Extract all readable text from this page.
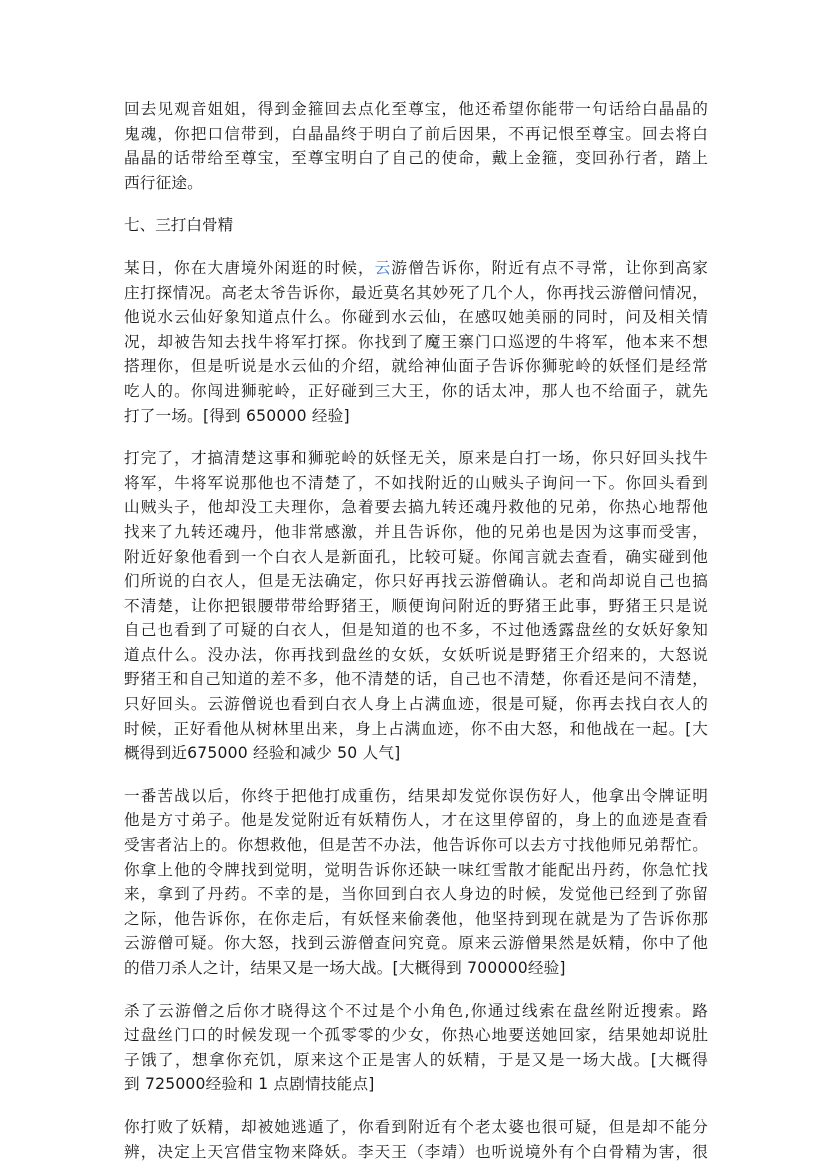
回去见观音姐姐，得到金箍回去点化至尊宝，他还希望你能带一句话给白晶晶的
鬼魂，你把口信带到，白晶晶终于明白了前后因果，不再记恨至尊宝。回去将白
晶晶的话带给至尊宝，至尊宝明白了自己的使命，戴上金箍，变回孙行者，踏上
西行征途。

七、三打白骨精

某日，你在大唐境外闲逛的时候，云游僧告诉你，附近有点不寻常，让你到高家
庄打探情况。高老太爷告诉你，最近莫名其妙死了几个人，你再找云游僧问情况，
他说水云仙好象知道点什么。你碰到水云仙，在感叹她美丽的同时，问及相关情
况，却被告知去找牛将军打探。你找到了魔王寨门口巡逻的牛将军，他本来不想
搭理你，但是听说是水云仙的介绍，就给神仙面子告诉你狮驼岭的妖怪们是经常
吃人的。你闯进狮驼岭，正好碰到三大王，你的话太冲，那人也不给面子，就先
打了一场。[得到 650000 经验]

打完了，才搞清楚这事和狮驼岭的妖怪无关，原来是白打一场，你只好回头找牛
将军，牛将军说那他也不清楚了，不如找附近的山贼头子询问一下。你回头看到
山贼头子，他却没工夫理你，急着要去搞九转还魂丹救他的兄弟，你热心地帮他
找来了九转还魂丹，他非常感激，并且告诉你，他的兄弟也是因为这事而受害，
附近好象他看到一个白衣人是新面孔，比较可疑。你闻言就去查看，确实碰到他
们所说的白衣人，但是无法确定，你只好再找云游僧确认。老和尚却说自己也搞
不清楚，让你把银腰带带给野猪王，顺便询问附近的野猪王此事，野猪王只是说
自己也看到了可疑的白衣人，但是知道的也不多，不过他透露盘丝的女妖好象知
道点什么。没办法，你再找到盘丝的女妖，女妖听说是野猪王介绍来的，大怒说
野猪王和自己知道的差不多，他不清楚的话，自己也不清楚，你看还是问不清楚，
只好回头。云游僧说也看到白衣人身上占满血迹，很是可疑，你再去找白衣人的
时候，正好看他从树林里出来，身上占满血迹，你不由大怒，和他战在一起。[大
概得到近675000 经验和减少 50 人气]

一番苦战以后，你终于把他打成重伤，结果却发觉你误伤好人，他拿出令牌证明
他是方寸弟子。他是发觉附近有妖精伤人，才在这里停留的，身上的血迹是查看
受害者沾上的。你想救他，但是苦不办法，他告诉你可以去方寸找他师兄弟帮忙。
你拿上他的令牌找到觉明，觉明告诉你还缺一味红雪散才能配出丹药，你急忙找
来，拿到了丹药。不幸的是，当你回到白衣人身边的时候，发觉他已经到了弥留
之际，他告诉你，在你走后，有妖怪来偷袭他，他坚持到现在就是为了告诉你那
云游僧可疑。你大怒，找到云游僧查问究竟。原来云游僧果然是妖精，你中了他
的借刀杀人之计，结果又是一场大战。[大概得到 700000经验]

杀了云游僧之后你才晓得这个不过是个小角色,你通过线索在盘丝附近搜索。路
过盘丝门口的时候发现一个孤零零的少女，你热心地要送她回家，结果她却说肚
子饿了，想拿你充饥，原来这个正是害人的妖精，于是又是一场大战。[大概得
到 725000经验和 1 点剧情技能点]

你打败了妖精，却被她逃遁了，你看到附近有个老太婆也很可疑，但是却不能分
辨，决定上天宫借宝物来降妖。李天王（李靖）也听说境外有个白骨精为害，很
